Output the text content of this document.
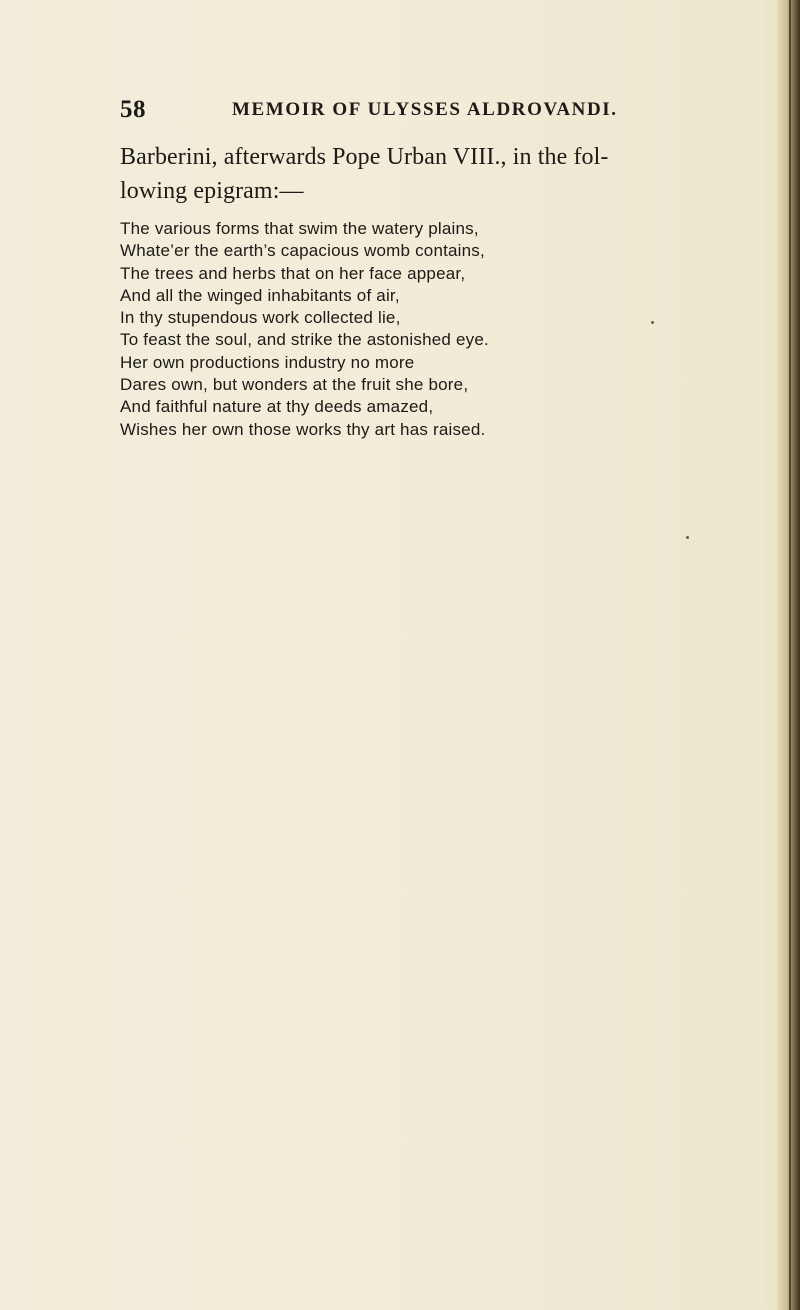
58	MEMOIR OF ULYSSES ALDROVANDI.

Barberini, afterwards Pope Urban VIII., in the fol-

lowing epigram:—

The various forms that swim the watery plains,
Whate’er the earth’s capacious womb contains,
The trees and herbs that on her face appear,
And all the winged inhabitants of air,
In thy stupendous work collected lie,
To feast the soul, and strike the astonished eye.
Her own productions industry no more
Dares own, but wonders at the fruit she bore,
And faithful nature at thy deeds amazed,
Wishes her own those works thy art has raised.
